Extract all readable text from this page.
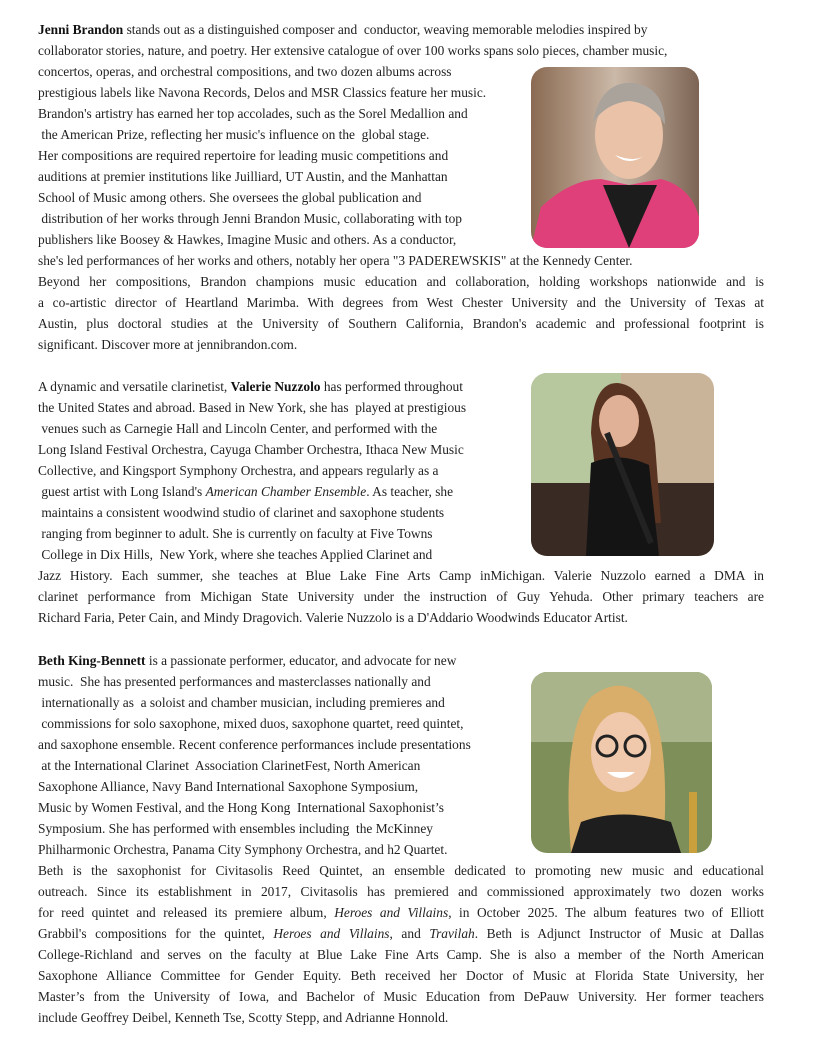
Jenni Brandon stands out as a distinguished composer and  conductor, weaving memorable melodies inspired by
collaborator stories, nature, and poetry. Her extensive catalogue of over 100 works spans solo pieces, chamber music,
concertos, operas, and orchestral compositions, and two dozen albums across
prestigious labels like Navona Records, Delos and MSR Classics feature her music.
Brandon's artistry has earned her top accolades, such as the Sorel Medallion and
the American Prize, reflecting her music's influence on the  global stage.
Her compositions are required repertoire for leading music competitions and
auditions at premier institutions like Juilliard, UT Austin, and the Manhattan
School of Music among others. She oversees the global publication and
distribution of her works through Jenni Brandon Music, collaborating with top
publishers like Boosey & Hawkes, Imagine Music and others. As a conductor,
she's led performances of her works and others, notably her opera "3 PADEREWSKIS" at the Kennedy Center.
Beyond her compositions, Brandon champions music education and collaboration, holding workshops nationwide and is
a co-artistic director of Heartland Marimba. With degrees from West Chester University and the University of Texas at
Austin, plus doctoral studies at the University of Southern California, Brandon's academic and professional footprint is
significant. Discover more at jennibrandon.com.
A dynamic and versatile clarinetist, Valerie Nuzzolo has performed throughout
the United States and abroad. Based in New York, she has  played at prestigious
venues such as Carnegie Hall and Lincoln Center, and performed with the
Long Island Festival Orchestra, Cayuga Chamber Orchestra, Ithaca New Music
Collective, and Kingsport Symphony Orchestra, and appears regularly as a
guest artist with Long Island's American Chamber Ensemble. As teacher, she
maintains a consistent woodwind studio of clarinet and saxophone students
ranging from beginner to adult. She is currently on faculty at Five Towns
College in Dix Hills,  New York, where she teaches Applied Clarinet and
Jazz History. Each summer, she teaches at Blue Lake Fine Arts Camp inMichigan. Valerie Nuzzolo earned a DMA in
clarinet performance from Michigan State University under the instruction of Guy Yehuda. Other primary teachers are
Richard Faria, Peter Cain, and Mindy Dragovich. Valerie Nuzzolo is a D'Addario Woodwinds Educator Artist.
Beth King-Bennett is a passionate performer, educator, and advocate for new
music.  She has presented performances and masterclasses nationally and
internationally as  a soloist and chamber musician, including premieres and
commissions for solo saxophone, mixed duos, saxophone quartet, reed quintet,
and saxophone ensemble. Recent conference performances include presentations
at the International Clarinet  Association ClarinetFest, North American
Saxophone Alliance, Navy Band International Saxophone Symposium,
Music by Women Festival, and the Hong Kong  International Saxophonist’s
Symposium. She has performed with ensembles including  the McKinney
Philharmonic Orchestra, Panama City Symphony Orchestra, and h2 Quartet.
Beth is the saxophonist for Civitasolis Reed Quintet, an ensemble dedicated to promoting new music and educational
outreach. Since its establishment in 2017, Civitasolis has premiered and commissioned approximately two dozen works
for reed quintet and released its premiere album, Heroes and Villains, in October 2025. The album features two of Elliott
Grabbil's compositions for the quintet, Heroes and Villains, and Travilah. Beth is Adjunct Instructor of Music at Dallas
College-Richland and serves on the faculty at Blue Lake Fine Arts Camp. She is also a member of the North American
Saxophone Alliance Committee for Gender Equity. Beth received her Doctor of Music at Florida State University, her
Master’s from the University of Iowa, and Bachelor of Music Education from DePauw University. Her former teachers
include Geoffrey Deibel, Kenneth Tse, Scotty Stepp, and Adrianne Honnold.
